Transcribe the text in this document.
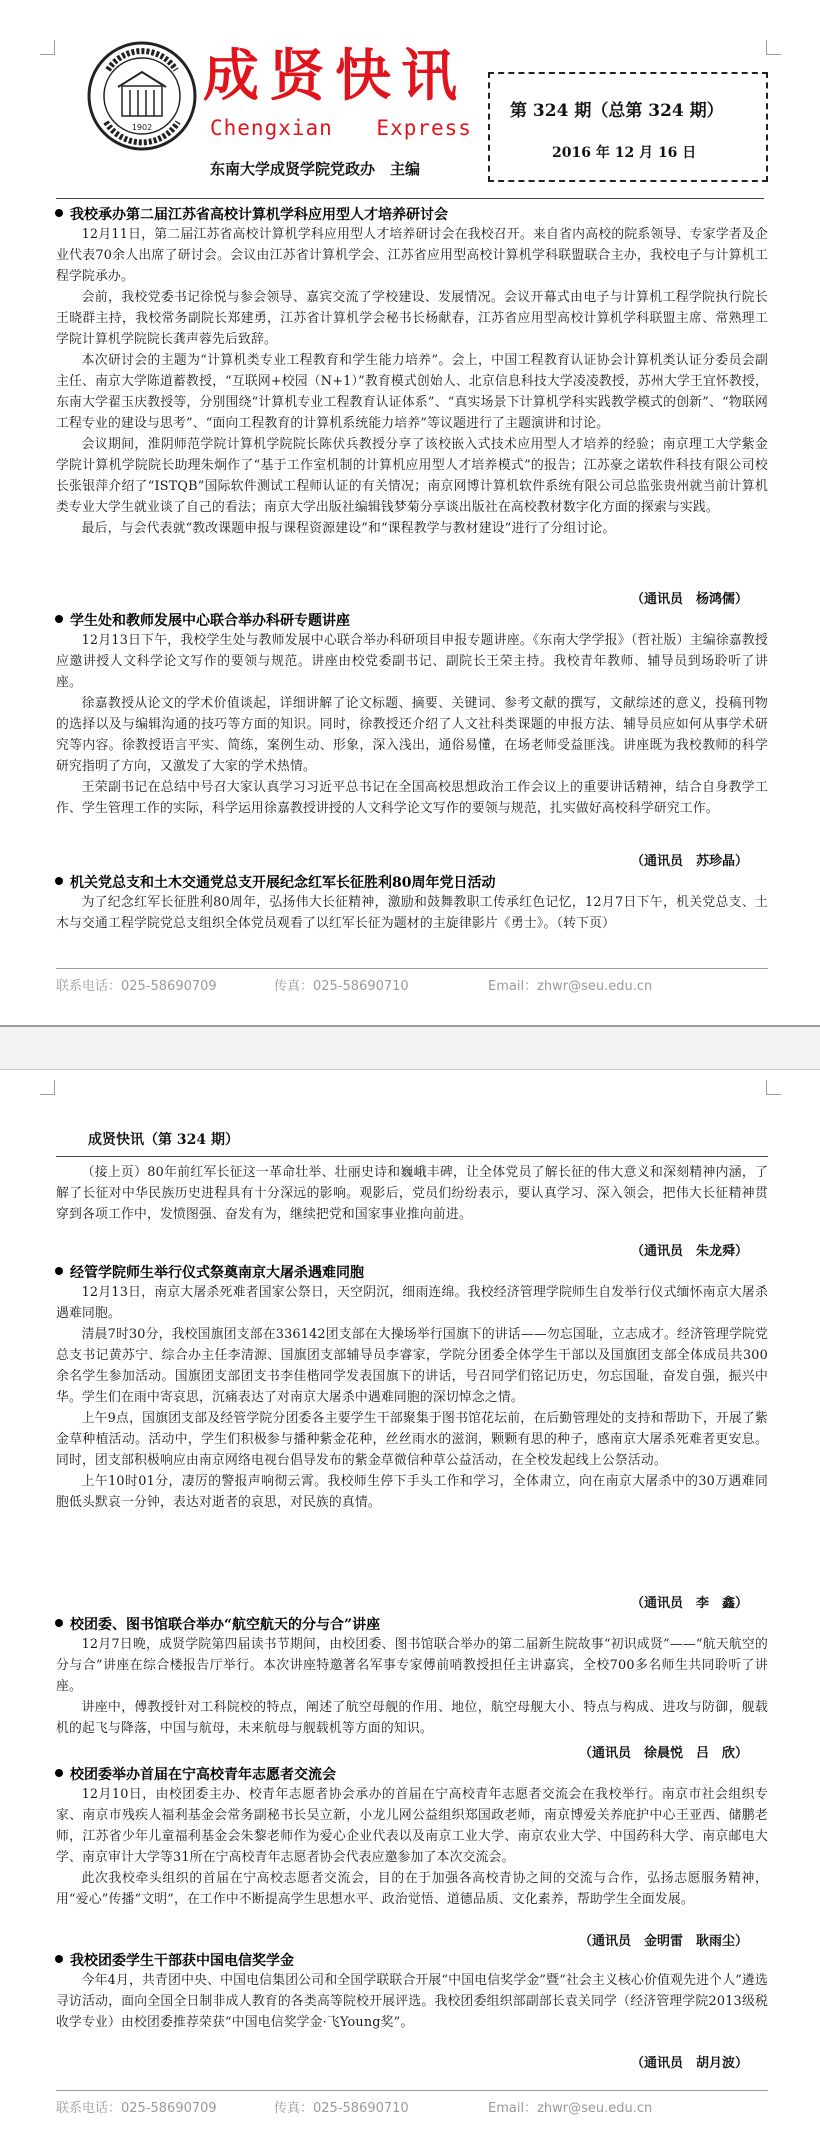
1902
成贤快讯
Chengxian Express
东南大学成贤学院党政办　主编
第 324 期（总第 324 期）
2016 年 12 月 16 日
我校承办第二届江苏省高校计算机学科应用型人才培养研讨会

12月11日，第二届江苏省高校计算机学科应用型人才培养研讨会在我校召开。来自省内高校的院系领导、专家学者及企业代表70余人出席了研讨会。会议由江苏省计算机学会、江苏省应用型高校计算机学科联盟联合主办，我校电子与计算机工程学院承办。

会前，我校党委书记徐悦与参会领导、嘉宾交流了学校建设、发展情况。会议开幕式由电子与计算机工程学院执行院长王晓群主持，我校常务副院长郑建勇，江苏省计算机学会秘书长杨献春，江苏省应用型高校计算机学科联盟主席、常熟理工学院计算机学院院长龚声蓉先后致辞。

本次研讨会的主题为“计算机类专业工程教育和学生能力培养”。会上，中国工程教育认证协会计算机类认证分委员会副主任、南京大学陈道蓄教授，“互联网+校园（N+1）”教育模式创始人、北京信息科技大学凌凌教授，苏州大学王宜怀教授，东南大学翟玉庆教授等，分别围绕“计算机专业工程教育认证体系”、“真实场景下计算机学科实践教学模式的创新”、“物联网工程专业的建设与思考”、“面向工程教育的计算机系统能力培养”等议题进行了主题演讲和讨论。

会议期间，淮阴师范学院计算机学院院长陈伏兵教授分享了该校嵌入式技术应用型人才培养的经验；南京理工大学紫金学院计算机学院院长助理朱炯作了“基于工作室机制的计算机应用型人才培养模式”的报告；江苏豪之诺软件科技有限公司校长张银萍介绍了“ISTQB”国际软件测试工程师认证的有关情况；南京网博计算机软件系统有限公司总监张贵州就当前计算机类专业大学生就业谈了自己的看法；南京大学出版社编辑钱梦菊分享谈出版社在高校教材数字化方面的探索与实践。

最后，与会代表就“教改课题申报与课程资源建设”和“课程教学与教材建设”进行了分组讨论。

（通讯员　杨鸿儒）
学生处和教师发展中心联合举办科研专题讲座

12月13日下午，我校学生处与教师发展中心联合举办科研项目申报专题讲座。《东南大学学报》（哲社版）主编徐嘉教授应邀讲授人文科学论文写作的要领与规范。讲座由校党委副书记、副院长王荣主持。我校青年教师、辅导员到场聆听了讲座。

徐嘉教授从论文的学术价值谈起，详细讲解了论文标题、摘要、关键词、参考文献的撰写，文献综述的意义，投稿刊物的选择以及与编辑沟通的技巧等方面的知识。同时，徐教授还介绍了人文社科类课题的申报方法、辅导员应如何从事学术研究等内容。徐教授语言平实、简练，案例生动、形象，深入浅出，通俗易懂，在场老师受益匪浅。讲座既为我校教师的科学研究指明了方向，又激发了大家的学术热情。

王荣副书记在总结中号召大家认真学习习近平总书记在全国高校思想政治工作会议上的重要讲话精神，结合自身教学工作、学生管理工作的实际，科学运用徐嘉教授讲授的人文科学论文写作的要领与规范，扎实做好高校科学研究工作。

（通讯员　苏珍晶）
机关党总支和土木交通党总支开展纪念红军长征胜利80周年党日活动

为了纪念红军长征胜利80周年，弘扬伟大长征精神，激励和鼓舞教职工传承红色记忆，12月7日下午，机关党总支、土木与交通工程学院党总支组织全体党员观看了以红军长征为题材的主旋律影片《勇士》。（转下页）

联系电话：025-58690709	传真：025-58690710	Email：zhwr@seu.edu.cn
成贤快讯（第 324 期）

（接上页）80年前红军长征这一革命壮举、壮丽史诗和巍峨丰碑，让全体党员了解长征的伟大意义和深刻精神内涵，了解了长征对中华民族历史进程具有十分深远的影响。观影后，党员们纷纷表示，要认真学习、深入领会，把伟大长征精神贯穿到各项工作中，发愤图强、奋发有为，继续把党和国家事业推向前进。

（通讯员　朱龙舜）
经管学院师生举行仪式祭奠南京大屠杀遇难同胞

12月13日，南京大屠杀死难者国家公祭日，天空阴沉，细雨连绵。我校经济管理学院师生自发举行仪式缅怀南京大屠杀遇难同胞。

清晨7时30分，我校国旗团支部在336142团支部在大操场举行国旗下的讲话——勿忘国耻，立志成才。经济管理学院党总支书记黄苏宁、综合办主任李清源、国旗团支部辅导员李睿家，学院分团委全体学生干部以及国旗团支部全体成员共300余名学生参加活动。国旗团支部团支书李佳楷同学发表国旗下的讲话，号召同学们铭记历史，勿忘国耻，奋发自强，振兴中华。学生们在雨中寄哀思，沉痛表达了对南京大屠杀中遇难同胞的深切悼念之情。

上午9点，国旗团支部及经管学院分团委各主要学生干部聚集于图书馆花坛前，在后勤管理处的支持和帮助下，开展了紫金草种植活动。活动中，学生们积极参与播种紫金花种，丝丝雨水的滋润，颗颗有思的种子，感南京大屠杀死难者更安息。同时，团支部积极响应由南京网络电视台倡导发布的紫金草微信种草公益活动，在全校发起线上公祭活动。

上午10时01分，凄厉的警报声响彻云霄。我校师生停下手头工作和学习，全体肃立，向在南京大屠杀中的30万遇难同胞低头默哀一分钟，表达对逝者的哀思，对民族的真情。

（通讯员　李　鑫）
校团委、图书馆联合举办“航空航天的分与合”讲座

12月7日晚，成贤学院第四届读书节期间，由校团委、图书馆联合举办的第二届新生院故事“初识成贤”——“航天航空的分与合”讲座在综合楼报告厅举行。本次讲座特邀著名军事专家傅前哨教授担任主讲嘉宾，全校700多名师生共同聆听了讲座。

讲座中，傅教授针对工科院校的特点，阐述了航空母舰的作用、地位，航空母舰大小、特点与构成、进攻与防御，舰载机的起飞与降落，中国与航母，未来航母与舰载机等方面的知识。

（通讯员　徐晨悦　吕　欣）
校团委举办首届在宁高校青年志愿者交流会

12月10日，由校团委主办、校青年志愿者协会承办的首届在宁高校青年志愿者交流会在我校举行。南京市社会组织专家、南京市残疾人福利基金会常务副秘书长吴立新，小龙儿网公益组织郑国政老师，南京博爱关养庇护中心王亚西、储鹏老师，江苏省少年儿童福利基金会朱黎老师作为爱心企业代表以及南京工业大学、南京农业大学、中国药科大学、南京邮电大学、南京审计大学等31所在宁高校青年志愿者协会代表应邀参加了本次交流会。

此次我校牵头组织的首届在宁高校志愿者交流会，目的在于加强各高校青协之间的交流与合作，弘扬志愿服务精神，用“爱心”传播“文明”，在工作中不断提高学生思想水平、政治觉悟、道德品质、文化素养，帮助学生全面发展。

（通讯员　金明雷　耿雨尘）
我校团委学生干部获中国电信奖学金

今年4月，共青团中央、中国电信集团公司和全国学联联合开展“中国电信奖学金”暨“社会主义核心价值观先进个人”遴选寻访活动，面向全国全日制非成人教育的各类高等院校开展评选。我校团委组织部副部长袁关同学（经济管理学院2013级税收学专业）由校团委推荐荣获“中国电信奖学金·飞Young奖”。

（通讯员　胡月波）
联系电话：025-58690709	传真：025-58690710	Email：zhwr@seu.edu.cn
